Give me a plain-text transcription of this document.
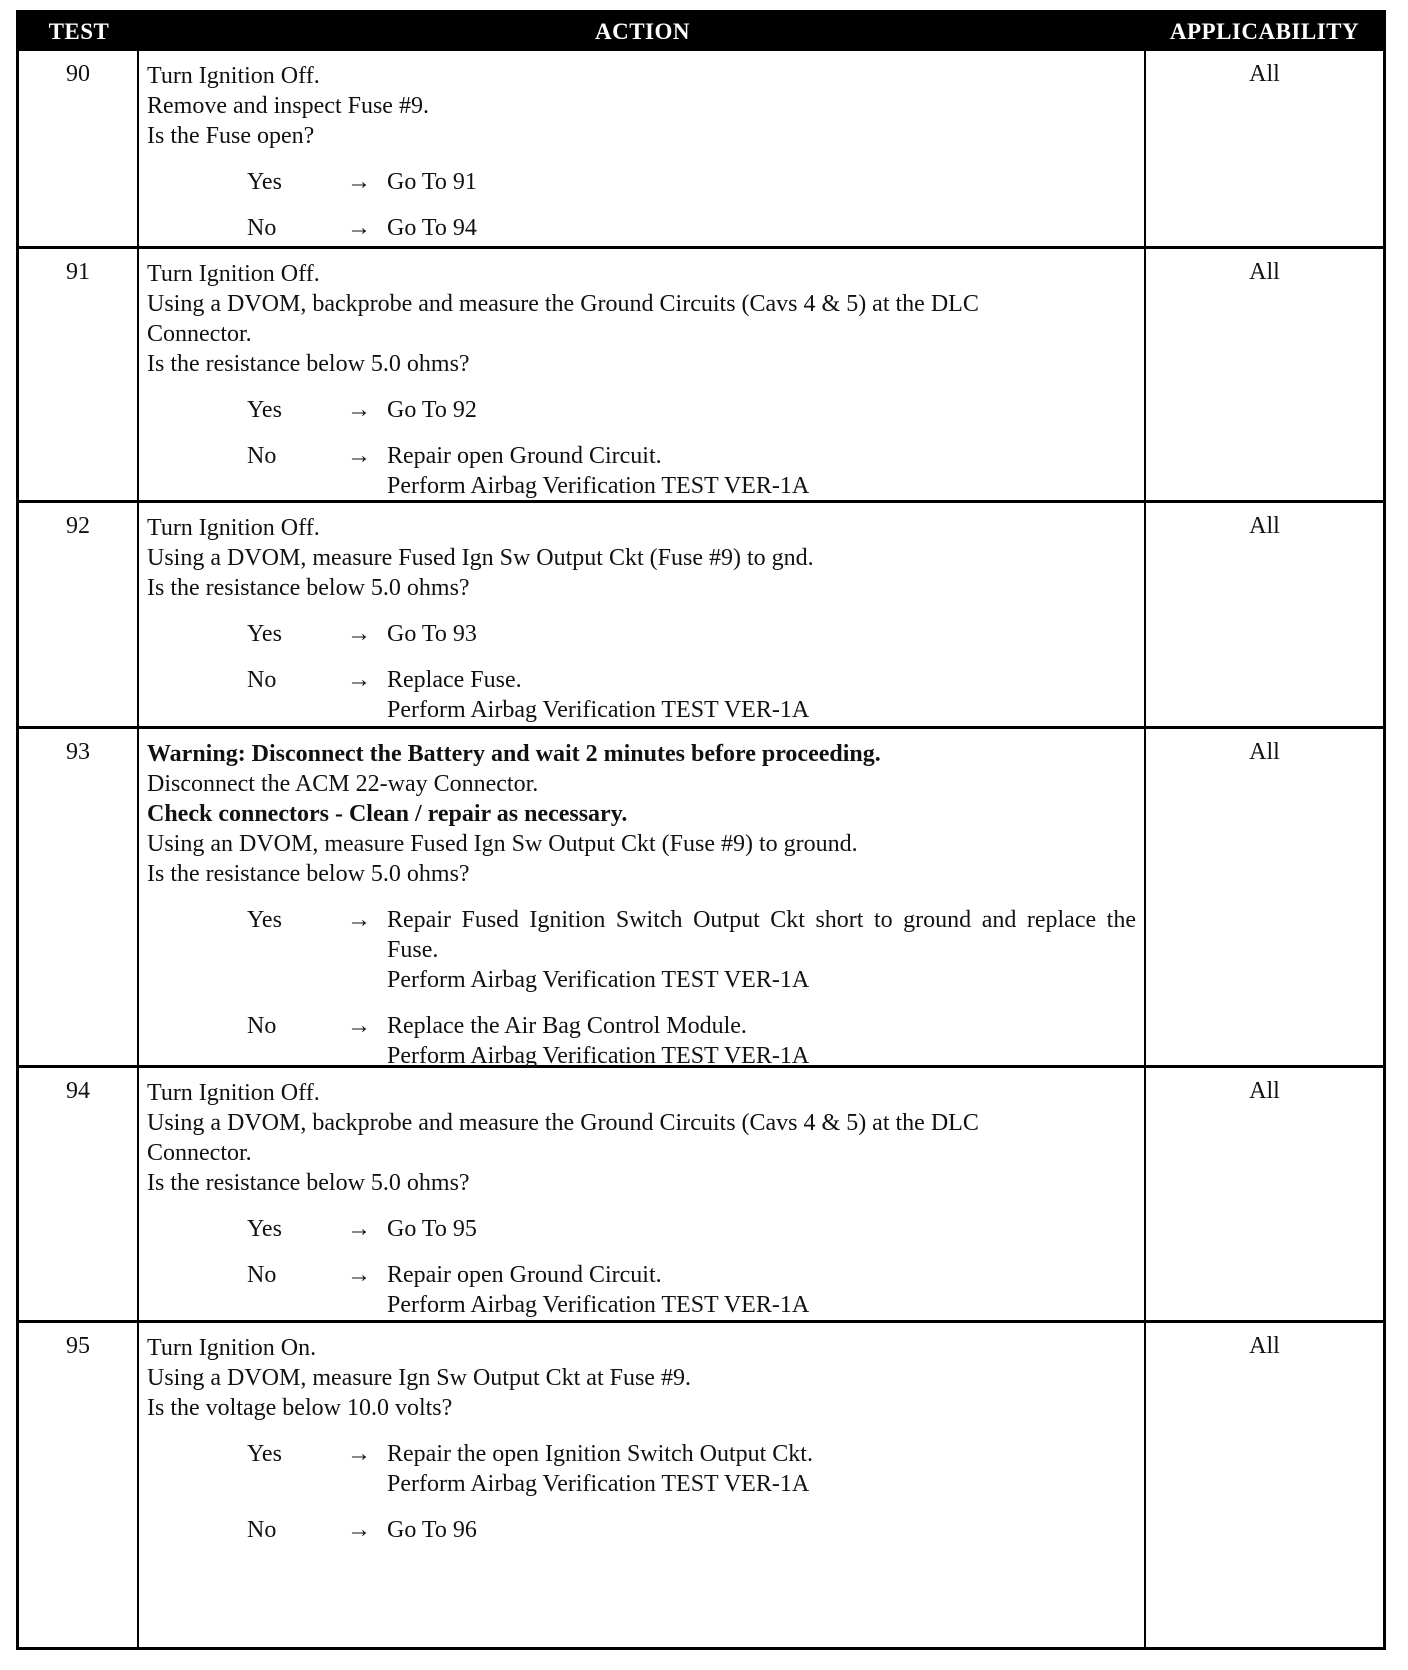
TEST	ACTION	APPLICABILITY
90	Turn Ignition Off.
Remove and inspect Fuse #9.
Is the Fuse open?
Yes	→ Go To 91
No	→ Go To 94
All
91	Turn Ignition Off.
Using a DVOM, backprobe and measure the Ground Circuits (Cavs 4 & 5) at the DLC
Connector.
Is the resistance below 5.0 ohms?
Yes	→ Go To 92
No	→ Repair open Ground Circuit.
Perform Airbag Verification TEST VER-1A
All
92	Turn Ignition Off.
Using a DVOM, measure Fused Ign Sw Output Ckt (Fuse #9) to gnd.
Is the resistance below 5.0 ohms?
Yes	→ Go To 93
No	→ Replace Fuse.
Perform Airbag Verification TEST VER-1A
All
93	Warning: Disconnect the Battery and wait 2 minutes before proceeding.
Disconnect the ACM 22-way Connector.
Check connectors - Clean / repair as necessary.
Using an DVOM, measure Fused Ign Sw Output Ckt (Fuse #9) to ground.
Is the resistance below 5.0 ohms?
Yes	→ Repair Fused Ignition Switch Output Ckt short to ground and replace the Fuse.
Perform Airbag Verification TEST VER-1A
No	→ Replace the Air Bag Control Module.
Perform Airbag Verification TEST VER-1A
All
94	Turn Ignition Off.
Using a DVOM, backprobe and measure the Ground Circuits (Cavs 4 & 5) at the DLC
Connector.
Is the resistance below 5.0 ohms?
Yes	→ Go To 95
No	→ Repair open Ground Circuit.
Perform Airbag Verification TEST VER-1A
All
95	Turn Ignition On.
Using a DVOM, measure Ign Sw Output Ckt at Fuse #9.
Is the voltage below 10.0 volts?
Yes	→ Repair the open Ignition Switch Output Ckt.
Perform Airbag Verification TEST VER-1A
No	→ Go To 96
All
